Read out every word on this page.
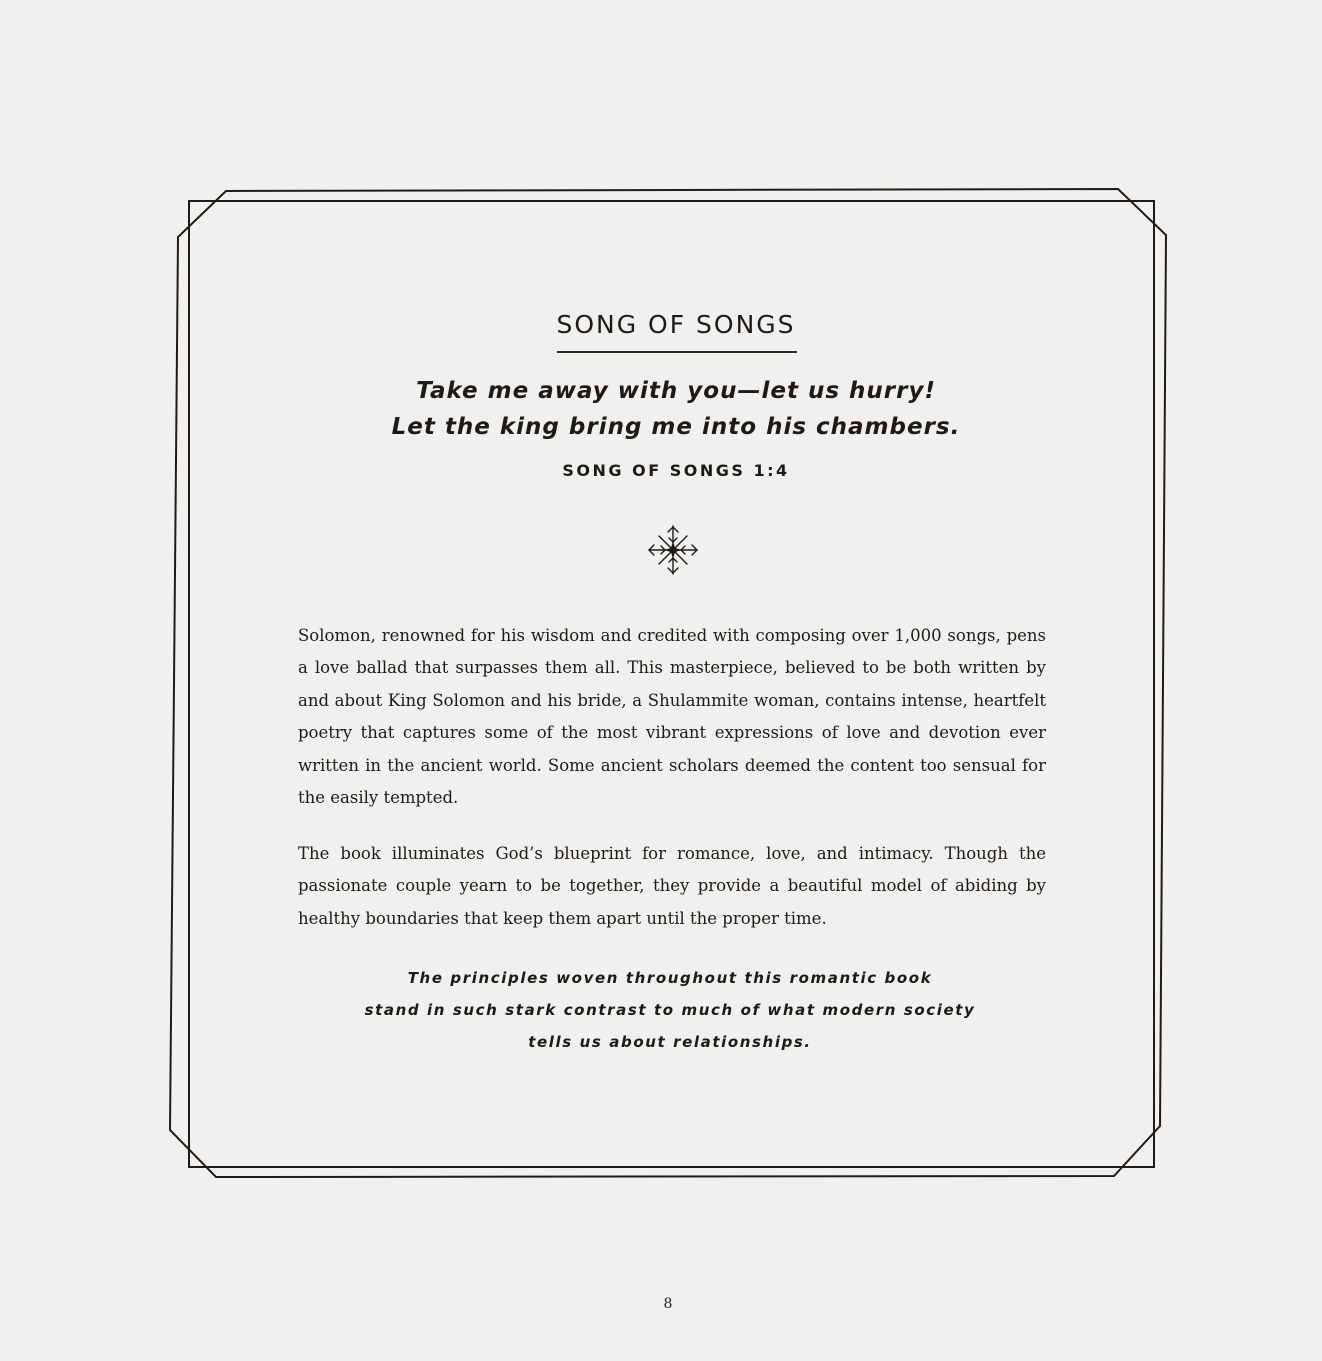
SONG OF SONGS
Take me away with you—let us hurry!
Let the king bring me into his chambers.
SONG OF SONGS 1:4

Solomon, renowned for his wisdom and credited with composing over 1,000 songs, pens a love ballad that surpasses them all. This masterpiece, believed to be both written by and about King Solomon and his bride, a Shulammite woman, contains intense, heartfelt poetry that captures some of the most vibrant expressions of love and devotion ever written in the ancient world. Some ancient scholars deemed the content too sensual for the easily tempted.

The book illuminates God’s blueprint for romance, love, and intimacy. Though the passionate couple yearn to be together, they provide a beautiful model of abiding by healthy boundaries that keep them apart until the proper time.

The principles woven throughout this romantic book
stand in such stark contrast to much of what modern society
tells us about relationships.
8
